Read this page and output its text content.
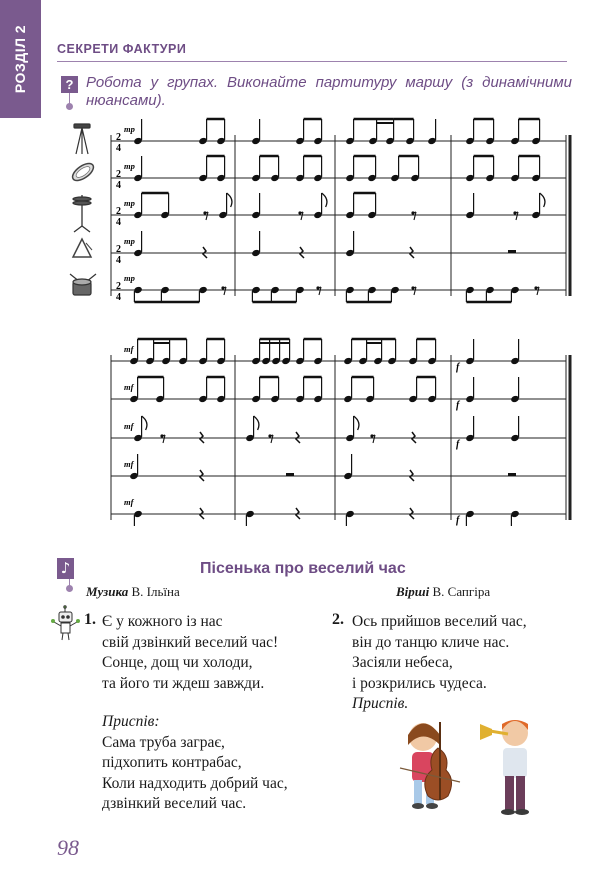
РОЗДІЛ 2 СЕКРЕТИ ФАКТУРИ
? Робота у групах. Виконайте партитуру маршу (з динамічними нюансами).
2
4
2
4
2
4
2
4
2
4
mp
mp
mp
mp
mp
mf
mf
mf
mf
mf
f
f
f
f
♪	Пісенька про веселий час
Музика В. Ільїна	Вірші В. Сапгіра
1. Є у кожного із нас
свій дзвінкий веселий час!
Сонце, дощ чи холоди,
та його ти ждеш завжди.
Приспів:
Сама труба заграє,
підхопить контрабас,
Коли надходить добрий час,
дзвінкий веселий час.
2. Ось прийшов веселий час,
він до танцю кличе нас.
Засіяли небеса,
і розкрились чудеса.
Приспів.
98
